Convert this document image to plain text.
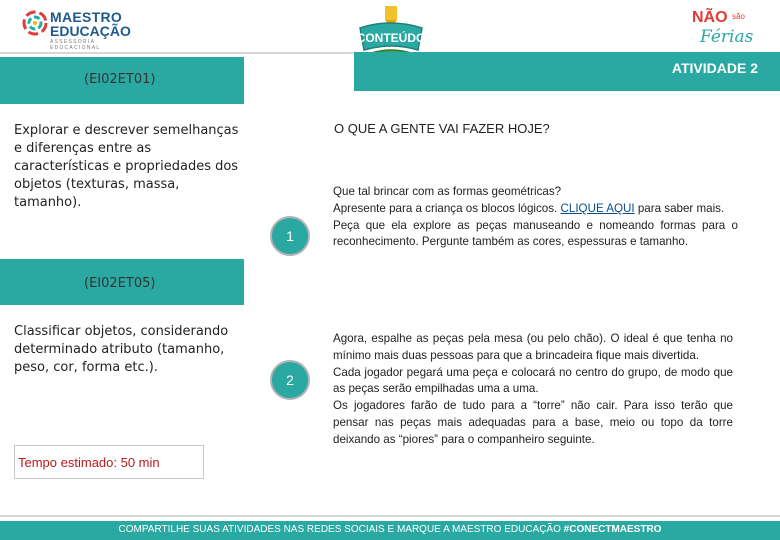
MAESTRO
EDUCAÇÃO
ASSESSORIA EDUCACIONAL
CONTEÚDO
NÃO são
Férias
ATIVIDADE 2
(EI02ET01)
(EI02ET05)
Explorar e descrever semelhanças e diferenças entre as características e propriedades dos objetos (texturas, massa, tamanho).
Classificar objetos, considerando determinado atributo (tamanho, peso, cor, forma etc.).
Tempo estimado: 50 min
O QUE A GENTE VAI FAZER HOJE?
1
2

Que tal brincar com as formas geométricas?

Apresente para a criança os blocos lógicos. CLIQUE AQUI para saber mais.

Peça que ela explore as peças manuseando e nomeando formas para o reconhecimento. Pergunte também as cores, espessuras e tamanho.

Agora, espalhe as peças pela mesa (ou pelo chão). O ideal é que tenha no mínimo mais duas pessoas para que a brincadeira fique mais divertida.

Cada jogador pegará uma peça e colocará no centro do grupo, de modo que as peças serão empilhadas uma a uma.

Os jogadores farão de tudo para a “torre” não cair. Para isso terão que pensar nas peças mais adequadas para a base, meio ou topo da torre deixando as “piores” para o companheiro seguinte.

COMPARTILHE SUAS ATIVIDADES NAS REDES SOCIAIS E MARQUE A MAESTRO EDUCAÇÃO #CONECTMAESTRO
